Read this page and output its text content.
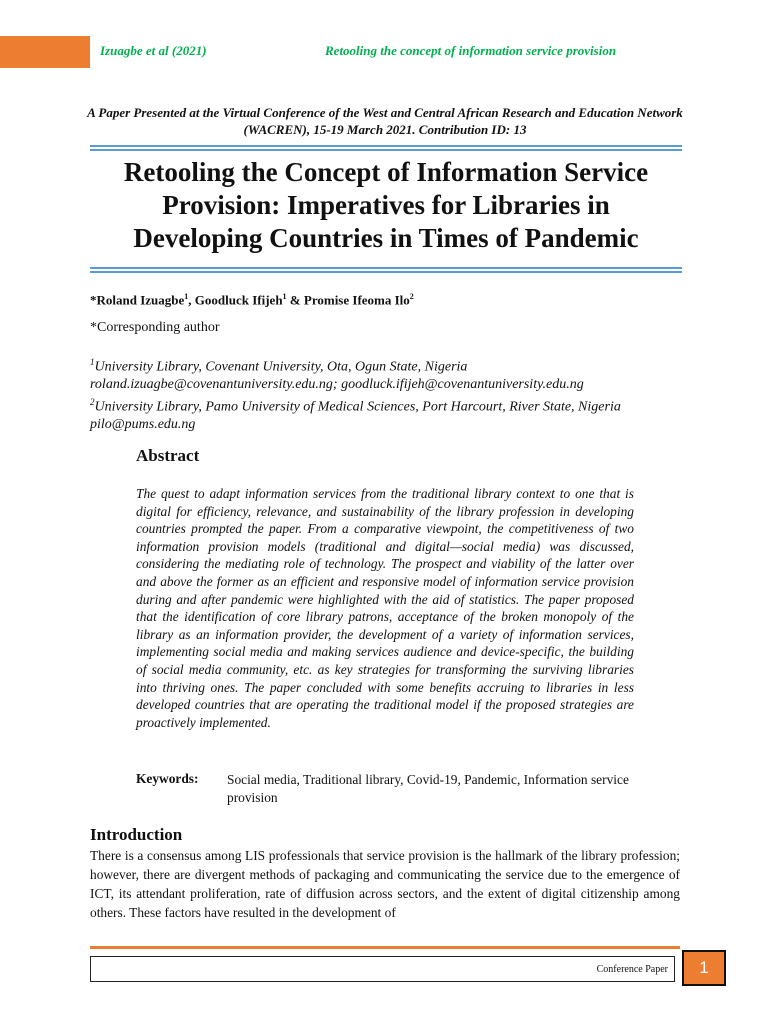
Izuagbe et al (2021)	Retooling the concept of information service provision
A Paper Presented at the Virtual Conference of the West and Central African Research and Education Network
(WACREN), 15-19 March 2021. Contribution ID: 13
Retooling the Concept of Information Service
Provision: Imperatives for Libraries in
Developing Countries in Times of Pandemic
*Roland Izuagbe$^1$, Goodluck Ifijeh$^1$ & Promise Ifeoma Ilo$^2$
*Corresponding author
$^1$University Library, Covenant University, Ota, Ogun State, Nigeria
roland.izuagbe@covenantuniversity.edu.ng; goodluck.ifijeh@covenantuniversity.edu.ng
$^2$University Library, Pamo University of Medical Sciences, Port Harcourt, River State, Nigeria
pilo@pums.edu.ng
Abstract
The quest to adapt information services from the traditional library context to one that is digital for efficiency, relevance, and sustainability of the library profession in developing countries prompted the paper. From a comparative viewpoint, the competitiveness of two information provision models (traditional and digital—social media) was discussed, considering the mediating role of technology. The prospect and viability of the latter over and above the former as an efficient and responsive model of information service provision during and after pandemic were highlighted with the aid of statistics. The paper proposed that the identification of core library patrons, acceptance of the broken monopoly of the library as an information provider, the development of a variety of information services, implementing social media and making services audience and device-specific, the building of social media community, etc. as key strategies for transforming the surviving libraries into thriving ones. The paper concluded with some benefits accruing to libraries in less developed countries that are operating the traditional model if the proposed strategies are proactively implemented.
Keywords: Social media, Traditional library, Covid-19, Pandemic, Information service provision
Introduction
There is a consensus among LIS professionals that service provision is the hallmark of the library profession; however, there are divergent methods of packaging and communicating the service due to the emergence of ICT, its attendant proliferation, rate of diffusion across sectors, and the extent of digital citizenship among others. These factors have resulted in the development of
Conference Paper	1
